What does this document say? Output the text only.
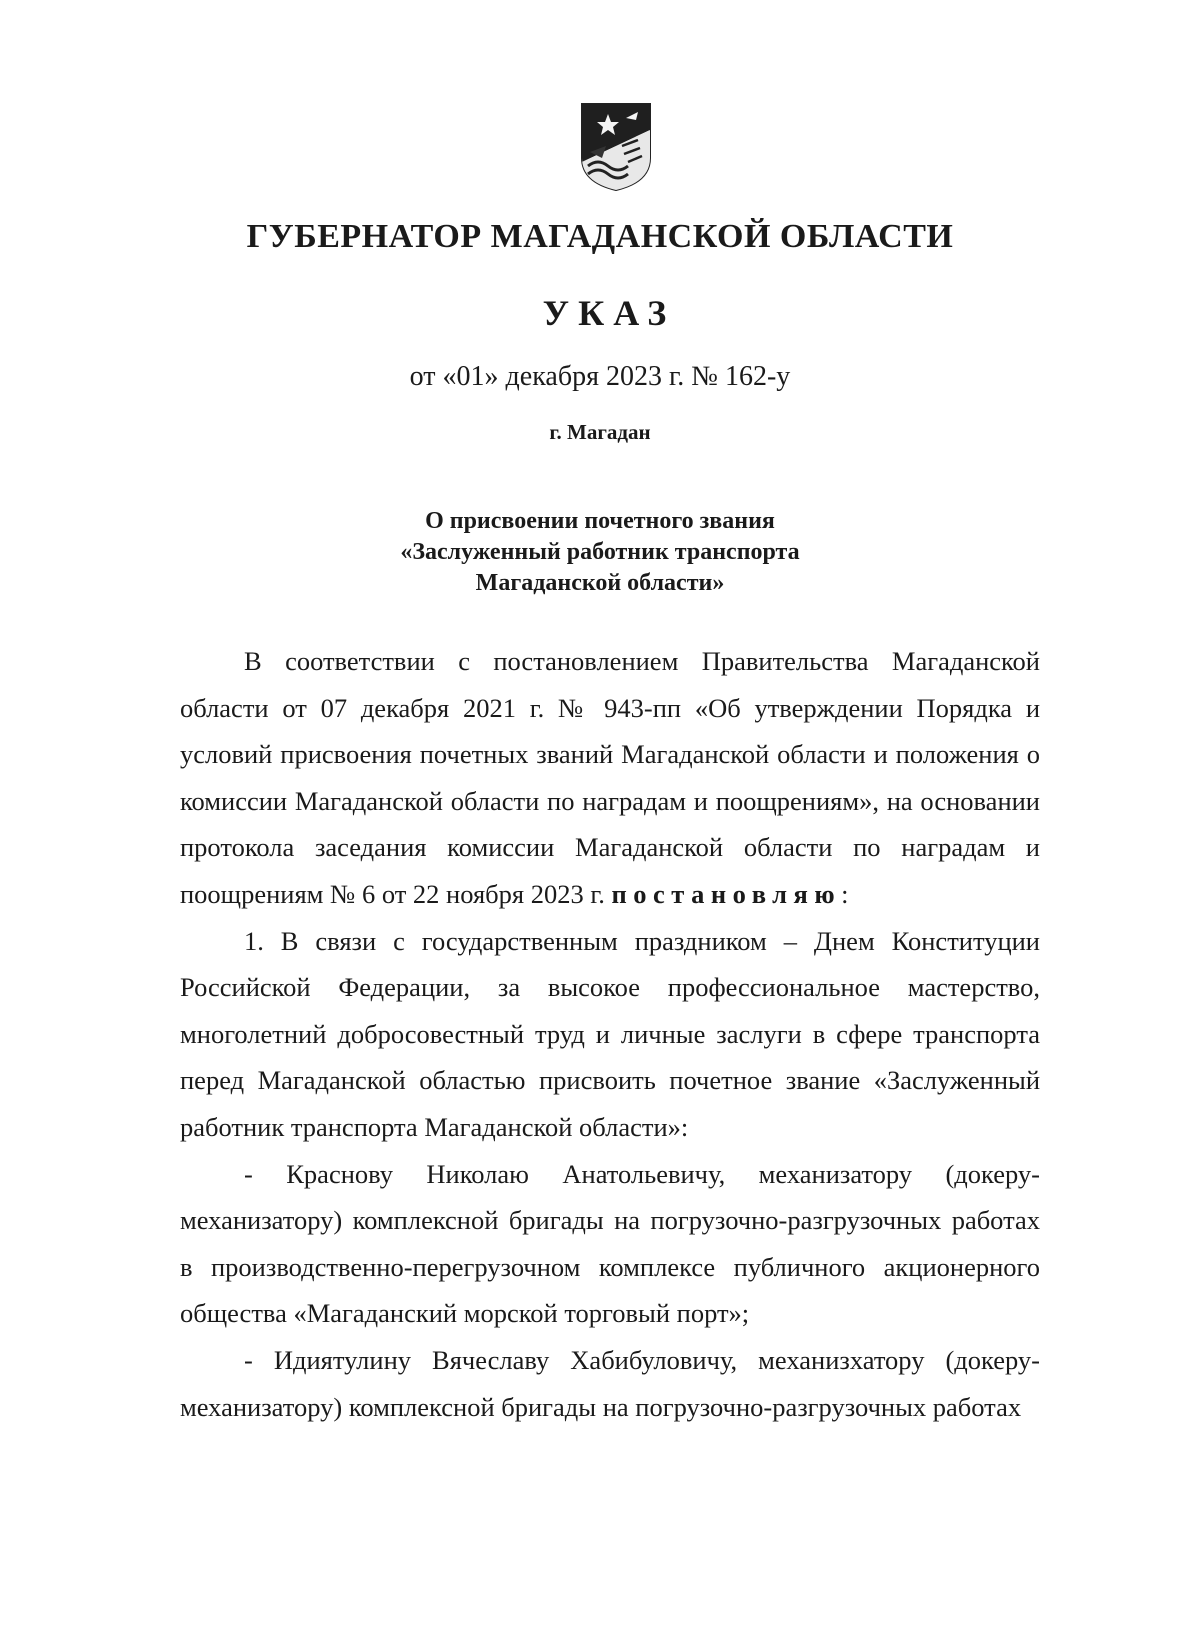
ГУБЕРНАТОР МАГАДАНСКОЙ ОБЛАСТИ
УКАЗ
от «01» декабря 2023 г. № 162-у
г. Магадан
О присвоении почетного звания
«Заслуженный работник транспорта
Магаданской области»

В соответствии с постановлением Правительства Магаданской области от 07 декабря 2021 г. № 943-пп «Об утверждении Порядка и условий присвоения почетных званий Магаданской области и положения о комиссии Магаданской области по наградам и поощрениям», на основании протокола заседания комиссии Магаданской области по наградам и поощрениям № 6 от 22 ноября 2023 г. постановляю:

1. В связи с государственным праздником – Днем Конституции Российской Федерации, за высокое профессиональное мастерство, многолетний добросовестный труд и личные заслуги в сфере транспорта перед Магаданской областью присвоить почетное звание «Заслуженный работник транспорта Магаданской области»:

- Краснову Николаю Анатольевичу, механизатору (докеру-механизатору) комплексной бригады на погрузочно-разгрузочных работах в производственно-перегрузочном комплексе публичного акционерного общества «Магаданский морской торговый порт»;

- Идиятулину Вячеславу Хабибуловичу, механизхатору (докеру-механизатору) комплексной бригады на погрузочно-разгрузочных работах
